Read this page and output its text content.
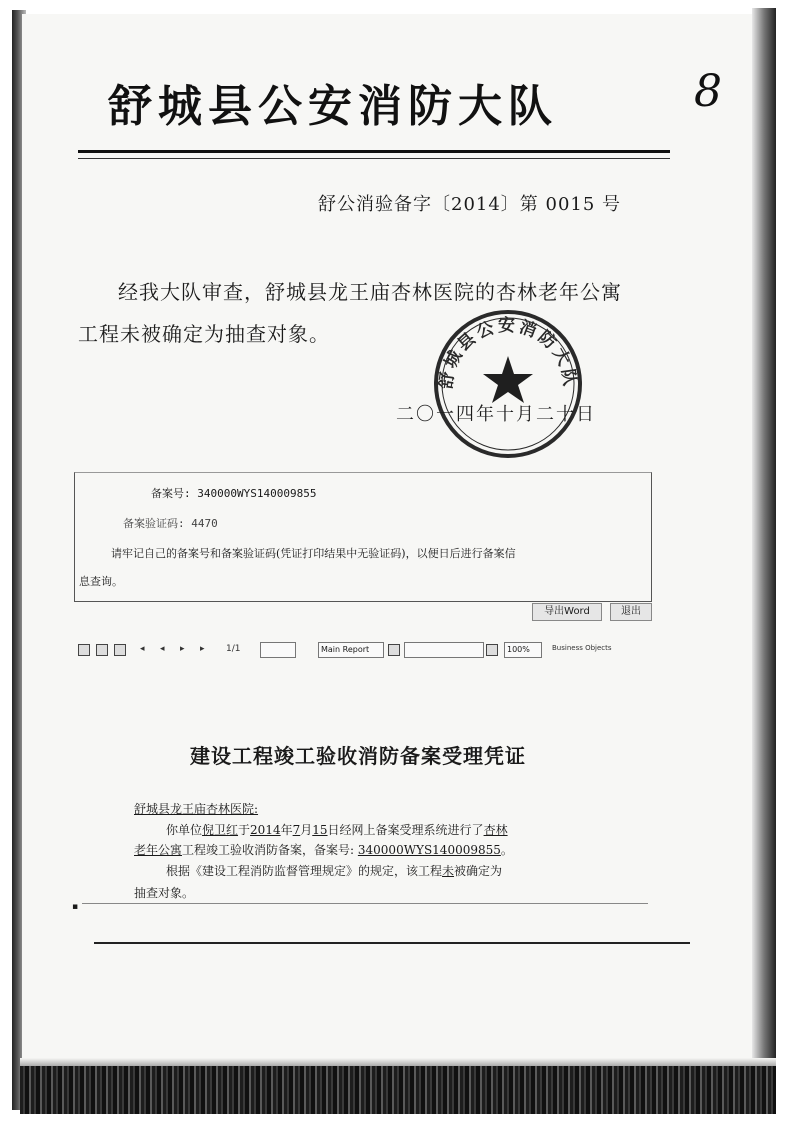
舒城县公安消防大队	8
舒公消验备字〔2014〕第 0015 号
经我大队审查，舒城县龙王庙杏林医院的杏林老年公寓
工程未被确定为抽查对象。
舒城县公安消防大队
二〇一四年十月二十日
备案号: 340000WYS140009855
备案验证码: 4470
请牢记自己的备案号和备案验证码(凭证打印结果中无验证码)，以便日后进行备案信
息查询。
导出Word	退出
◂ ◂ ▸ ▸ 1/1	Main Report	100%	Business Objects
建设工程竣工验收消防备案受理凭证
舒城县龙王庙杏林医院:
你单位倪卫红于2014年7月15日经网上备案受理系统进行了杏林
老年公寓工程竣工验收消防备案，备案号: 340000WYS140009855。
根据《建设工程消防监督管理规定》的规定，该工程未被确定为
抽查对象。
▪
